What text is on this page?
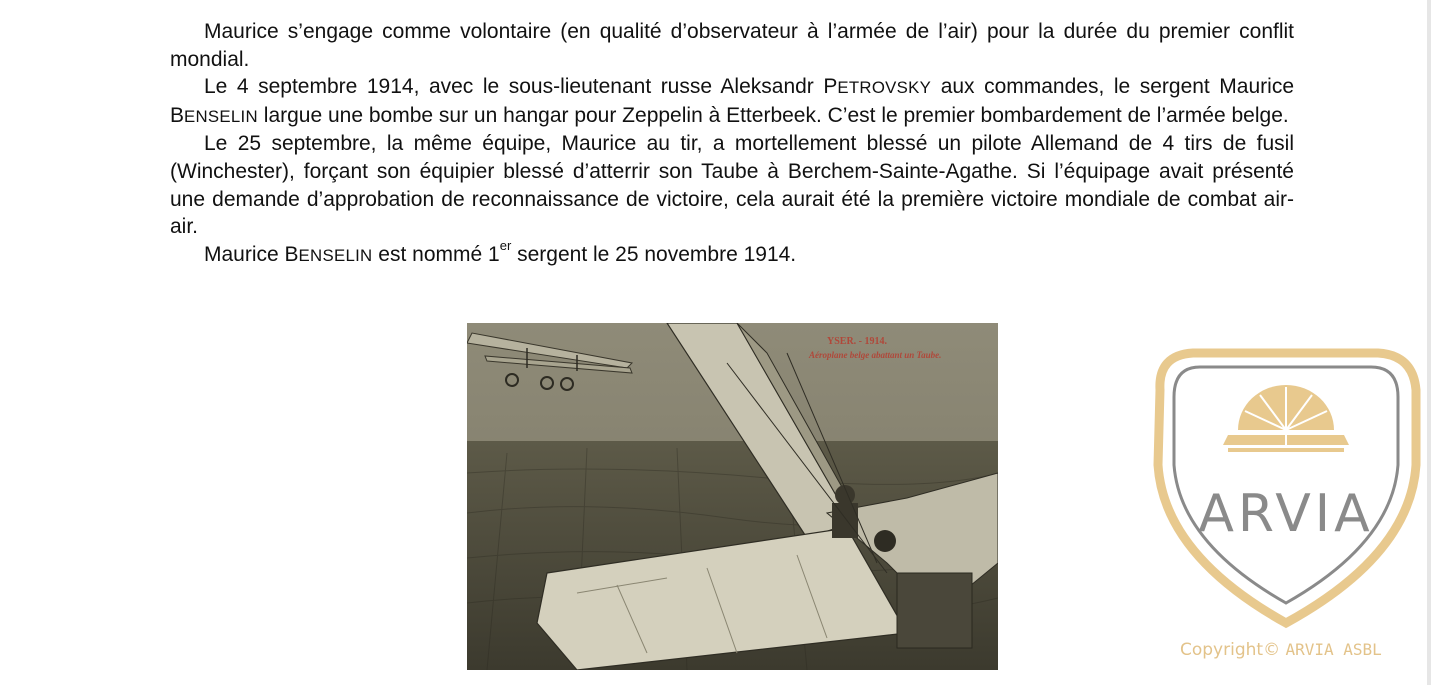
Maurice s’engage comme volontaire (en qualité d’observateur à l’armée de l’air) pour la durée du premier conflit mondial.

Le 4 septembre 1914, avec le sous-lieutenant russe Aleksandr PETROVSKY aux commandes, le sergent Maurice BENSELIN largue une bombe sur un hangar pour Zeppelin à Etterbeek. C’est le premier bombardement de l’armée belge.

Le 25 septembre, la même équipe, Maurice au tir, a mortellement blessé un pilote Allemand de 4 tirs de fusil (Winchester), forçant son équipier blessé d’atterrir son Taube à Berchem-Sainte-Agathe. Si l’équipage avait présenté une demande d’approbation de reconnaissance de victoire, cela aurait été la première victoire mondiale de combat air-air.

Maurice BENSELIN est nommé 1er sergent le 25 novembre 1914.

YSER. - 1914.
Aéroplane belge abattant un Taube.
ARVIA
Copyright© ARVIA ASBL
